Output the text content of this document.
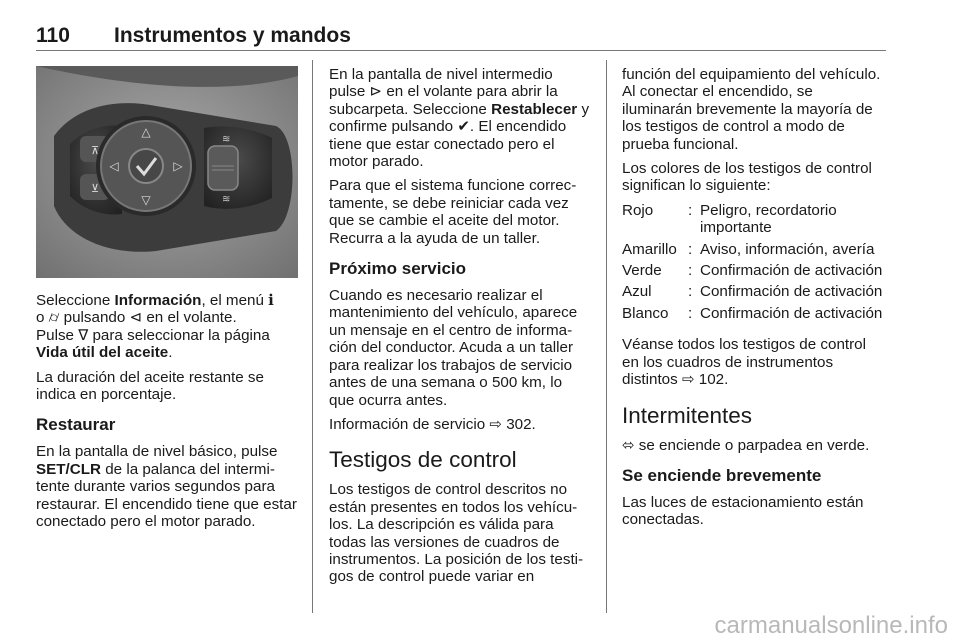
110 Instrumentos y mandos
△
▽
◁	▷
≋
≋
⊼
⊻

Seleccione Información, el menú ℹ
o ⌭ pulsando ⊲ en el volante.
Pulse ∇ para seleccionar la página Vida útil del aceite.

La duración del aceite restante se indica en porcentaje.

Restaurar

En la pantalla de nivel básico, pulse SET/CLR de la palanca del intermitente durante varios segundos para restaurar. El encendido tiene que estar conectado pero el motor parado.

En la pantalla de nivel intermedio pulse ⊳ en el volante para abrir la subcarpeta. Seleccione Restablecer y confirme pulsando ✔. El encendido tiene que estar conectado pero el motor parado.

Para que el sistema funcione correctamente, se debe reiniciar cada vez que se cambie el aceite del motor. Recurra a la ayuda de un taller.

Próximo servicio

Cuando es necesario realizar el mantenimiento del vehículo, aparece un mensaje en el centro de información del conductor. Acuda a un taller para realizar los trabajos de servicio antes de una semana o 500 km, lo que ocurra antes.

Información de servicio ⇨ 302.

Testigos de control

Los testigos de control descritos no están presentes en todos los vehículos. La descripción es válida para todas las versiones de cuadros de instrumentos. La posición de los testigos de control puede variar en

función del equipamiento del vehículo. Al conectar el encendido, se iluminarán brevemente la mayoría de los testigos de control a modo de prueba funcional.

Los colores de los testigos de control significan lo siguiente:

Rojo	: Peligro, recordatorio importante
Amarillo : Aviso, información, avería
Verde	: Confirmación de activación
Azul	: Confirmación de activación
Blanco	: Confirmación de activación

Véanse todos los testigos de control en los cuadros de instrumentos distintos ⇨ 102.

Intermitentes

⬄ se enciende o parpadea en verde.

Se enciende brevemente

Las luces de estacionamiento están conectadas.

carmanualsonline.info
